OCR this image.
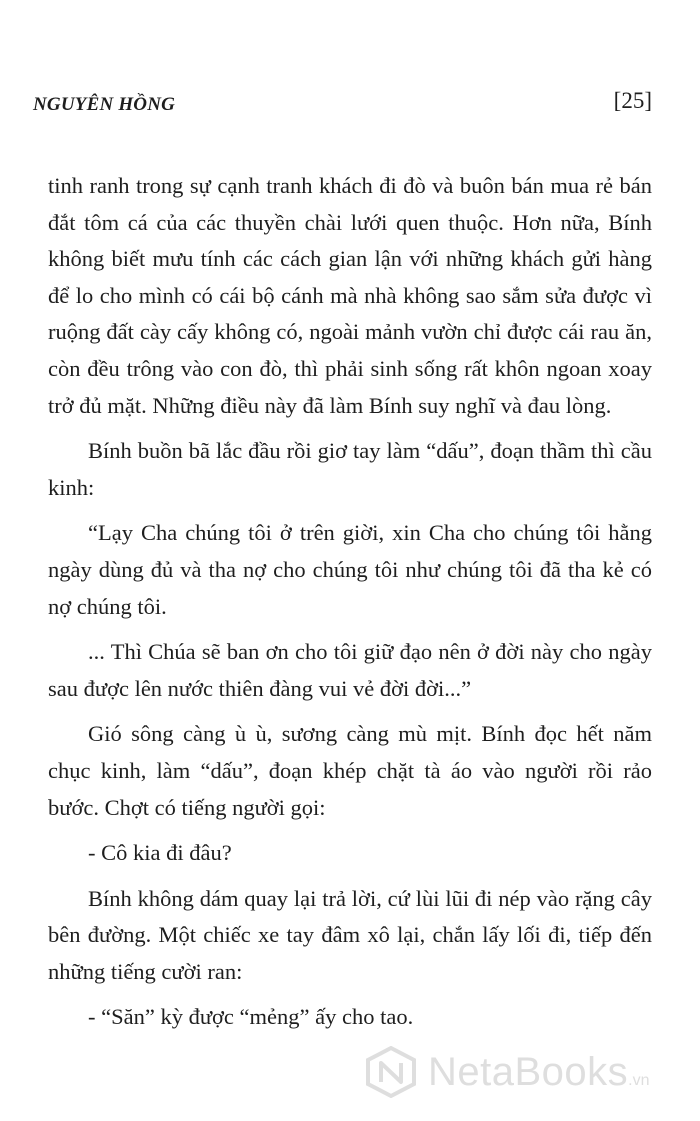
NGUYÊN HỒNG	[25]

tinh ranh trong sự cạnh tranh khách đi đò và buôn bán mua rẻ bán đắt tôm cá của các thuyền chài lưới quen thuộc. Hơn nữa, Bính không biết mưu tính các cách gian lận với những khách gửi hàng để lo cho mình có cái bộ cánh mà nhà không sao sắm sửa được vì ruộng đất cày cấy không có, ngoài mảnh vườn chỉ được cái rau ăn, còn đều trông vào con đò, thì phải sinh sống rất khôn ngoan xoay trở đủ mặt. Những điều này đã làm Bính suy nghĩ và đau lòng.

Bính buồn bã lắc đầu rồi giơ tay làm “dấu”, đoạn thầm thì cầu kinh:

“Lạy Cha chúng tôi ở trên giời, xin Cha cho chúng tôi hằng ngày dùng đủ và tha nợ cho chúng tôi như chúng tôi đã tha kẻ có nợ chúng tôi.

... Thì Chúa sẽ ban ơn cho tôi giữ đạo nên ở đời này cho ngày sau được lên nước thiên đàng vui vẻ đời đời...”

Gió sông càng ù ù, sương càng mù mịt. Bính đọc hết năm chục kinh, làm “dấu”, đoạn khép chặt tà áo vào người rồi rảo bước. Chợt có tiếng người gọi:

- Cô kia đi đâu?

Bính không dám quay lại trả lời, cứ lùi lũi đi nép vào rặng cây bên đường. Một chiếc xe tay đâm xô lại, chắn lấy lối đi, tiếp đến những tiếng cười ran:

- “Săn” kỳ được “mẻng” ấy cho tao.

NetaBooks.vn
